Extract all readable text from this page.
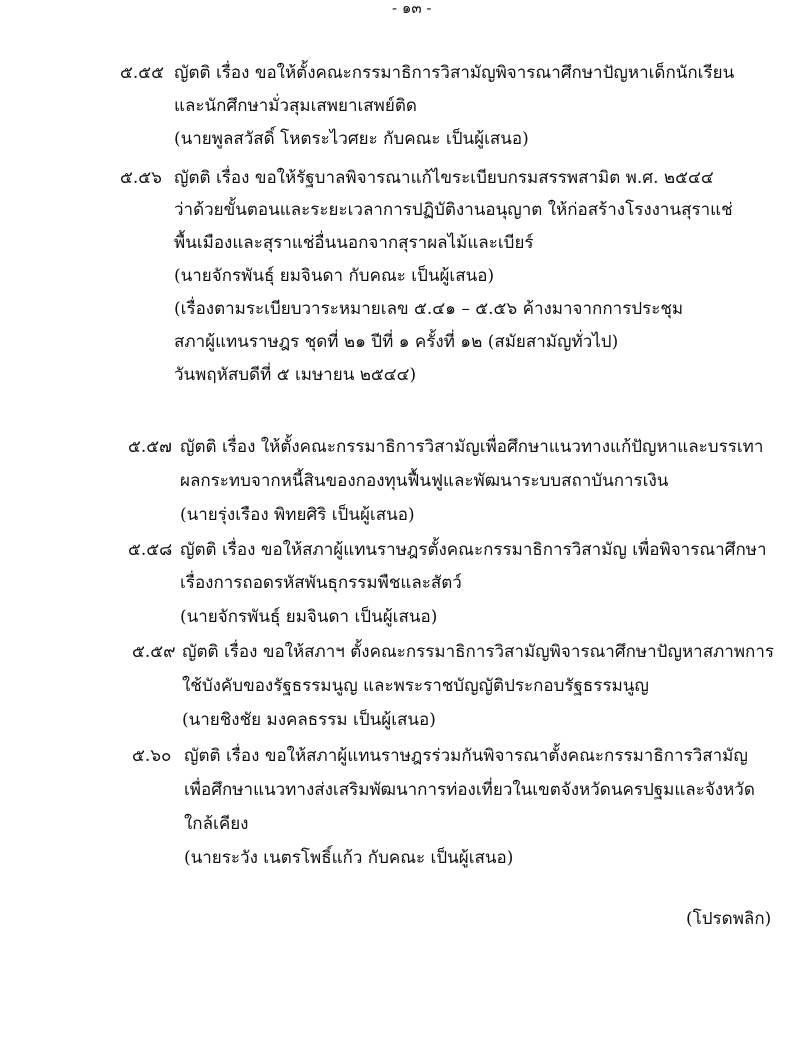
- ๑๓ -
๕.๕๕ ญัตติ เรื่อง ขอให้ตั้งคณะกรรมาธิการวิสามัญพิจารณาศึกษาปัญหาเด็กนักเรียน
และนักศึกษามั่วสุมเสพยาเสพย์ติด
(นายพูลสวัสดิ์ โหตระไวศยะ กับคณะ เป็นผู้เสนอ)
๕.๕๖ ญัตติ เรื่อง ขอให้รัฐบาลพิจารณาแก้ไขระเบียบกรมสรรพสามิต พ.ศ. ๒๕๔๔
ว่าด้วยขั้นตอนและระยะเวลาการปฏิบัติงานอนุญาต ให้ก่อสร้างโรงงานสุราแช่
พื้นเมืองและสุราแช่อื่นนอกจากสุราผลไม้และเบียร์
(นายจักรพันธุ์ ยมจินดา กับคณะ เป็นผู้เสนอ)
(เรื่องตามระเบียบวาระหมายเลข ๕.๔๑ – ๕.๕๖ ค้างมาจากการประชุม
สภาผู้แทนราษฎร ชุดที่ ๒๑ ปีที่ ๑ ครั้งที่ ๑๒ (สมัยสามัญทั่วไป)
วันพฤหัสบดีที่ ๕ เมษายน ๒๕๔๔)
๕.๕๗ ญัตติ เรื่อง ให้ตั้งคณะกรรมาธิการวิสามัญเพื่อศึกษาแนวทางแก้ปัญหาและบรรเทา
ผลกระทบจากหนี้สินของกองทุนฟื้นฟูและพัฒนาระบบสถาบันการเงิน
(นายรุ่งเรือง พิทยศิริ เป็นผู้เสนอ)
๕.๕๘ ญัตติ เรื่อง ขอให้สภาผู้แทนราษฎรตั้งคณะกรรมาธิการวิสามัญ เพื่อพิจารณาศึกษา
เรื่องการถอดรหัสพันธุกรรมพืชและสัตว์
(นายจักรพันธุ์ ยมจินดา เป็นผู้เสนอ)
๕.๕๙ ญัตติ เรื่อง ขอให้สภาฯ ตั้งคณะกรรมาธิการวิสามัญพิจารณาศึกษาปัญหาสภาพการ
ใช้บังคับของรัฐธรรมนูญ และพระราชบัญญัติประกอบรัฐธรรมนูญ
(นายชิงชัย มงคลธรรม เป็นผู้เสนอ)
๕.๖๐ ญัตติ เรื่อง ขอให้สภาผู้แทนราษฎรร่วมกันพิจารณาตั้งคณะกรรมาธิการวิสามัญ
เพื่อศึกษาแนวทางส่งเสริมพัฒนาการท่องเที่ยวในเขตจังหวัดนครปฐมและจังหวัด
ใกล้เคียง
(นายระวัง เนตรโพธิ์แก้ว กับคณะ เป็นผู้เสนอ)
(โปรดพลิก)
